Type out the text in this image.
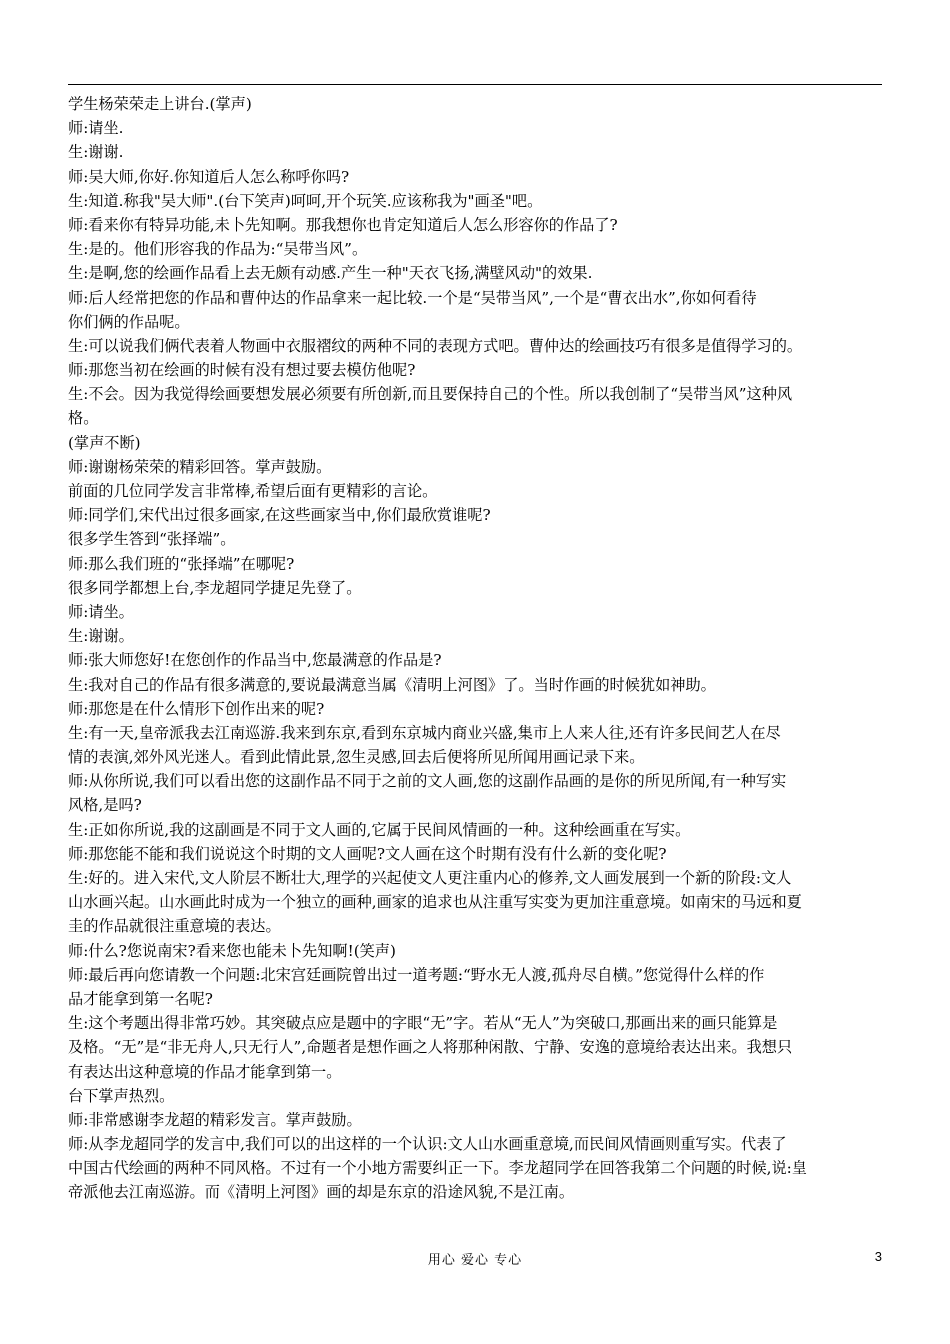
学生杨荣荣走上讲台.(掌声)
师:请坐.
生:谢谢.
师:吴大师,你好.你知道后人怎么称呼你吗?
生:知道.称我"吴大师".(台下笑声)呵呵,开个玩笑.应该称我为"画圣"吧。
师:看来你有特异功能,未卜先知啊。那我想你也肯定知道后人怎么形容你的作品了?
生:是的。他们形容我的作品为:“吴带当风”。
生:是啊,您的绘画作品看上去无颇有动感.产生一种"天衣飞扬,满壁风动"的效果.
师:后人经常把您的作品和曹仲达的作品拿来一起比较.一个是“吴带当风”,一个是“曹衣出水”,你如何看待
你们俩的作品呢。
生:可以说我们俩代表着人物画中衣服褶纹的两种不同的表现方式吧。曹仲达的绘画技巧有很多是值得学习的。
师:那您当初在绘画的时候有没有想过要去模仿他呢?
生:不会。因为我觉得绘画要想发展必须要有所创新,而且要保持自己的个性。所以我创制了“吴带当风”这种风
格。
(掌声不断)
师:谢谢杨荣荣的精彩回答。掌声鼓励。
前面的几位同学发言非常棒,希望后面有更精彩的言论。
师:同学们,宋代出过很多画家,在这些画家当中,你们最欣赏谁呢?
很多学生答到“张择端”。
师:那么我们班的“张择端”在哪呢?
很多同学都想上台,李龙超同学捷足先登了。
师:请坐。
生:谢谢。
师:张大师您好!在您创作的作品当中,您最满意的作品是?
生:我对自己的作品有很多满意的,要说最满意当属《清明上河图》了。当时作画的时候犹如神助。
师:那您是在什么情形下创作出来的呢?
生:有一天,皇帝派我去江南巡游.我来到东京,看到东京城内商业兴盛,集市上人来人往,还有许多民间艺人在尽
情的表演,郊外风光迷人。看到此情此景,忽生灵感,回去后便将所见所闻用画记录下来。
师:从你所说,我们可以看出您的这副作品不同于之前的文人画,您的这副作品画的是你的所见所闻,有一种写实
风格,是吗?
生:正如你所说,我的这副画是不同于文人画的,它属于民间风情画的一种。这种绘画重在写实。
师:那您能不能和我们说说这个时期的文人画呢?文人画在这个时期有没有什么新的变化呢?
生:好的。进入宋代,文人阶层不断壮大,理学的兴起使文人更注重内心的修养,文人画发展到一个新的阶段:文人
山水画兴起。山水画此时成为一个独立的画种,画家的追求也从注重写实变为更加注重意境。如南宋的马远和夏
圭的作品就很注重意境的表达。
师:什么?您说南宋?看来您也能未卜先知啊!(笑声)
师:最后再向您请教一个问题:北宋宫廷画院曾出过一道考题:“野水无人渡,孤舟尽自横。”您觉得什么样的作
品才能拿到第一名呢?
生:这个考题出得非常巧妙。其突破点应是题中的字眼“无”字。若从“无人”为突破口,那画出来的画只能算是
及格。“无”是“非无舟人,只无行人”,命题者是想作画之人将那种闲散、宁静、安逸的意境给表达出来。我想只
有表达出这种意境的作品才能拿到第一。
台下掌声热烈。
师:非常感谢李龙超的精彩发言。掌声鼓励。
师:从李龙超同学的发言中,我们可以的出这样的一个认识:文人山水画重意境,而民间风情画则重写实。代表了
中国古代绘画的两种不同风格。不过有一个小地方需要纠正一下。李龙超同学在回答我第二个问题的时候,说:皇
帝派他去江南巡游。而《清明上河图》画的却是东京的沿途风貌,不是江南。
用心 爱心 专心	3
